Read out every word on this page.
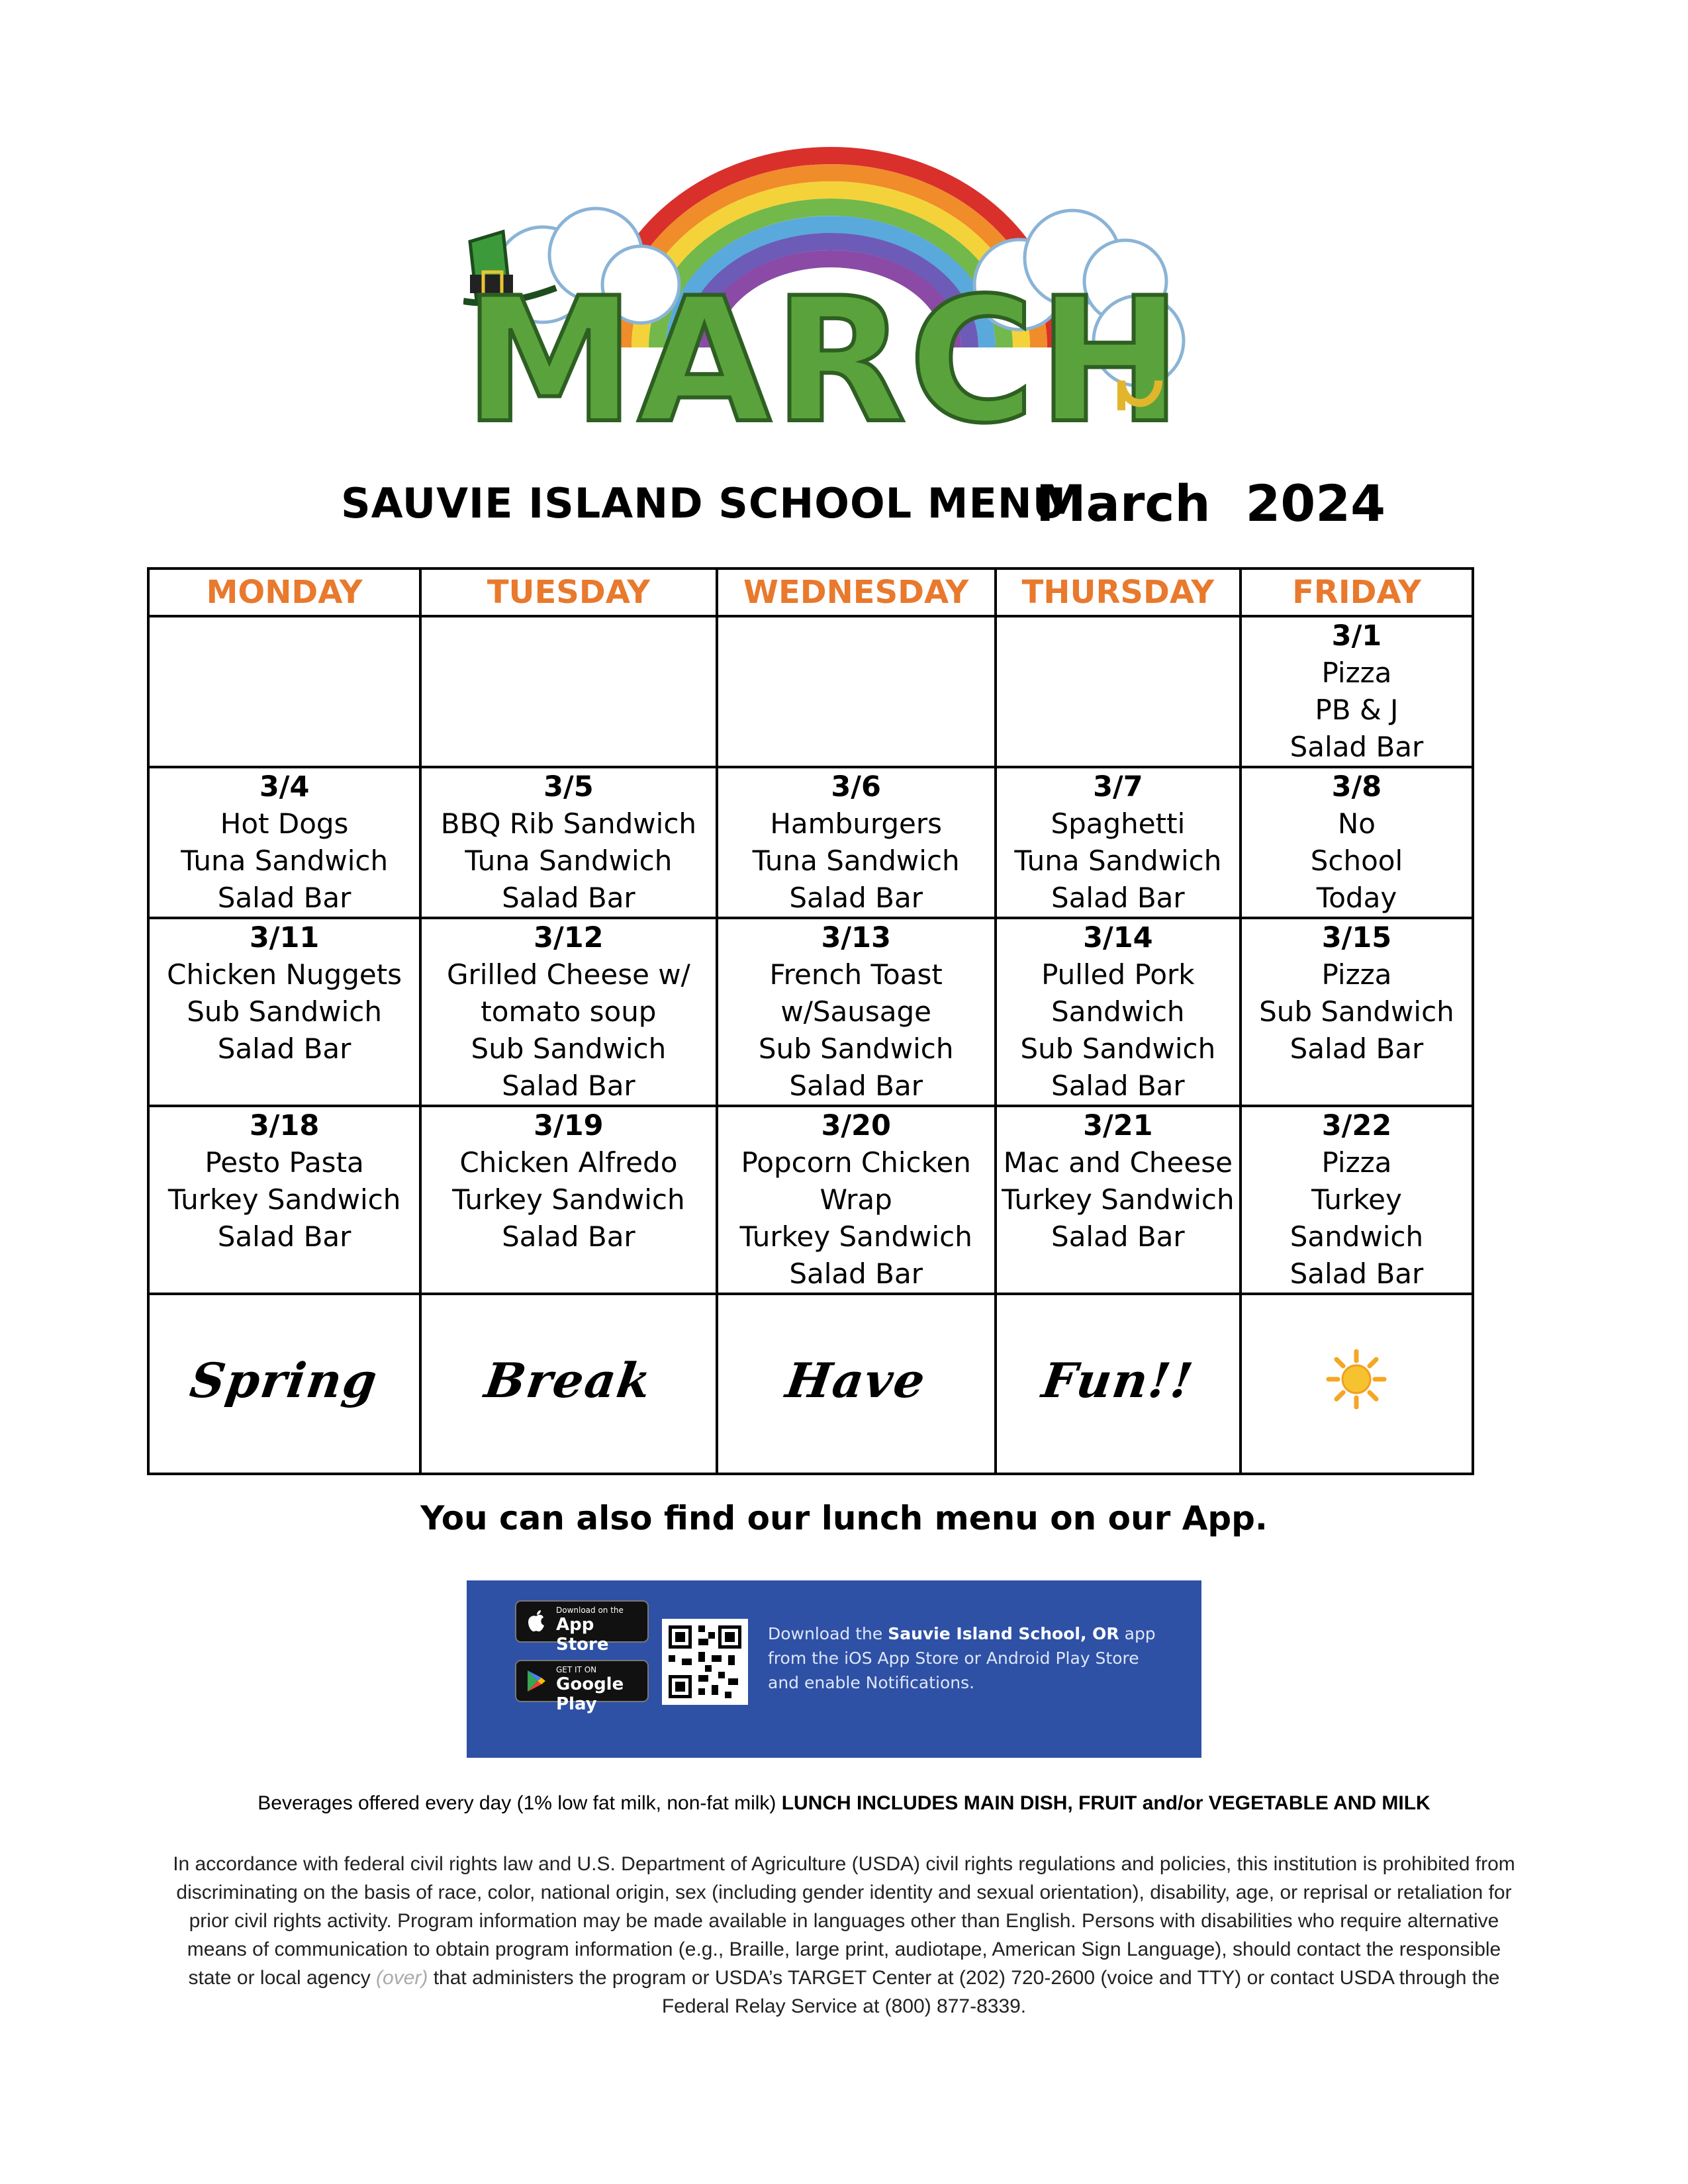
MARCH
SAUVIE ISLAND SCHOOL MENU
March  2024
MONDAY	TUESDAY	WEDNESDAY	THURSDAY	FRIDAY

				3/1
Pizza
PB & J
Salad Bar

3/4
Hot Dogs
Tuna Sandwich
Salad Bar	3/5
BBQ Rib Sandwich
Tuna Sandwich
Salad Bar	3/6
Hamburgers
Tuna Sandwich
Salad Bar	3/7
Spaghetti
Tuna Sandwich
Salad Bar	3/8
No
School
Today

3/11
Chicken Nuggets
Sub Sandwich
Salad Bar	3/12
Grilled Cheese w/
tomato soup
Sub Sandwich
Salad Bar	3/13
French Toast
w/Sausage
Sub Sandwich
Salad Bar	3/14
Pulled Pork
Sandwich
Sub Sandwich
Salad Bar	3/15
Pizza
Sub Sandwich
Salad Bar

3/18
Pesto Pasta
Turkey Sandwich
Salad Bar	3/19
Chicken Alfredo
Turkey Sandwich
Salad Bar	3/20
Popcorn Chicken
Wrap
Turkey Sandwich
Salad Bar	3/21
Mac and Cheese
Turkey Sandwich
Salad Bar	3/22
Pizza
Turkey
Sandwich
Salad Bar

Spring	Break	Have	Fun!!	
You can also find our lunch menu on our App.
Download on the
App Store
GET IT ON
Google Play
Download the Sauvie Island School, OR app
from the iOS App Store or Android Play Store
and enable Notifications.
Beverages offered every day (1% low fat milk, non-fat milk) LUNCH INCLUDES MAIN DISH, FRUIT and/or VEGETABLE AND MILK
In accordance with federal civil rights law and U.S. Department of Agriculture (USDA) civil rights regulations and policies, this institution is prohibited from discriminating on the basis of race, color, national origin, sex (including gender identity and sexual orientation), disability, age, or reprisal or retaliation for prior civil rights activity. Program information may be made available in languages other than English. Persons with disabilities who require alternative means of communication to obtain program information (e.g., Braille, large print, audiotape, American Sign Language), should contact the responsible state or local agency (over) that administers the program or USDA’s TARGET Center at (202) 720-2600 (voice and TTY) or contact USDA through the Federal Relay Service at (800) 877-8339.
